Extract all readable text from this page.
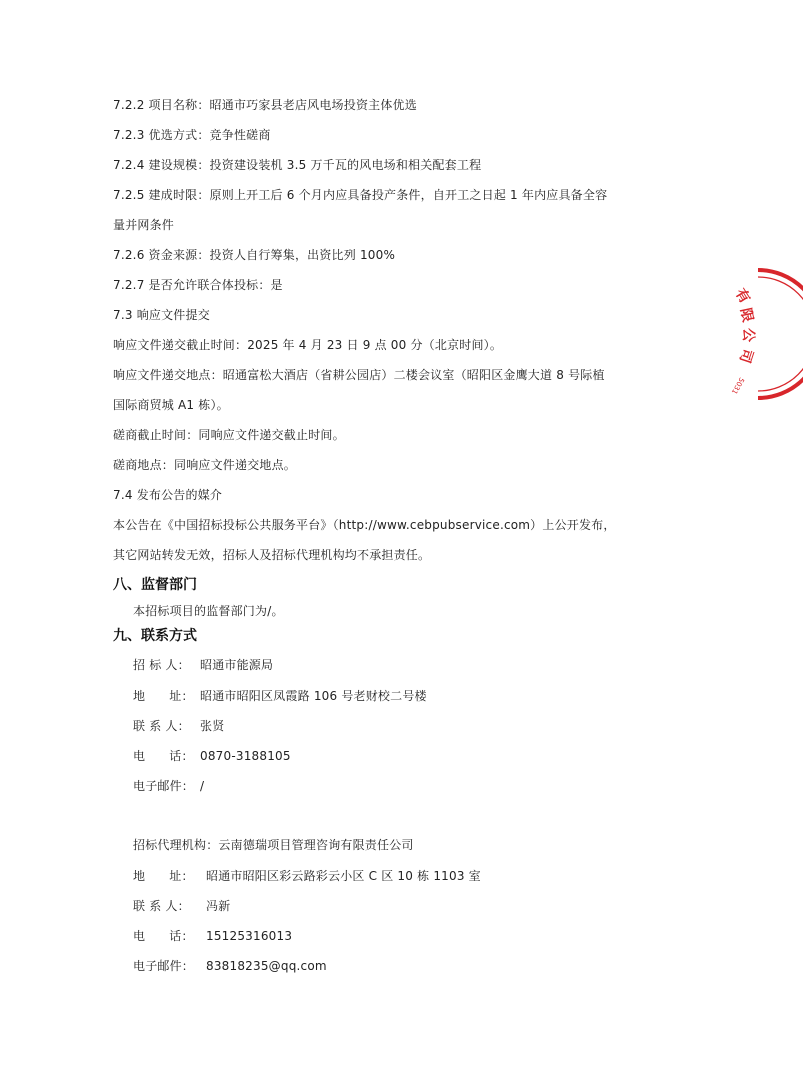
7.2.2 项目名称：昭通市巧家县老店风电场投资主体优选
7.2.3 优选方式：竞争性磋商
7.2.4 建设规模：投资建设装机 3.5 万千瓦的风电场和相关配套工程
7.2.5 建成时限：原则上开工后 6 个月内应具备投产条件，自开工之日起 1 年内应具备全容
量并网条件
7.2.6 资金来源：投资人自行筹集，出资比列 100%
7.2.7 是否允许联合体投标：是
7.3 响应文件提交
响应文件递交截止时间：2025 年 4 月 23 日 9 点 00 分（北京时间）。
响应文件递交地点：昭通富松大酒店（省耕公园店）二楼会议室（昭阳区金鹰大道 8 号际植
国际商贸城 A1 栋）。
磋商截止时间：同响应文件递交截止时间。
磋商地点：同响应文件递交地点。
7.4 发布公告的媒介
本公告在《中国招标投标公共服务平台》（http://www.cebpubservice.com）上公开发布，
其它网站转发无效，招标人及招标代理机构均不承担责任。
八、监督部门
本招标项目的监督部门为/。
九、联系方式
招 标 人： 昭通市能源局
地      址： 昭通市昭阳区凤霞路 106 号老财校二号楼
联 系 人： 张贤
电      话： 0870-3188105
电子邮件： /
招标代理机构：云南德瑞项目管理咨询有限责任公司
地      址： 昭通市昭阳区彩云路彩云小区 C 区 10 栋 1103 室
联 系 人： 冯新
电      话： 15125316013
电子邮件： 83818235@qq.com
有
限
公
司
5031
